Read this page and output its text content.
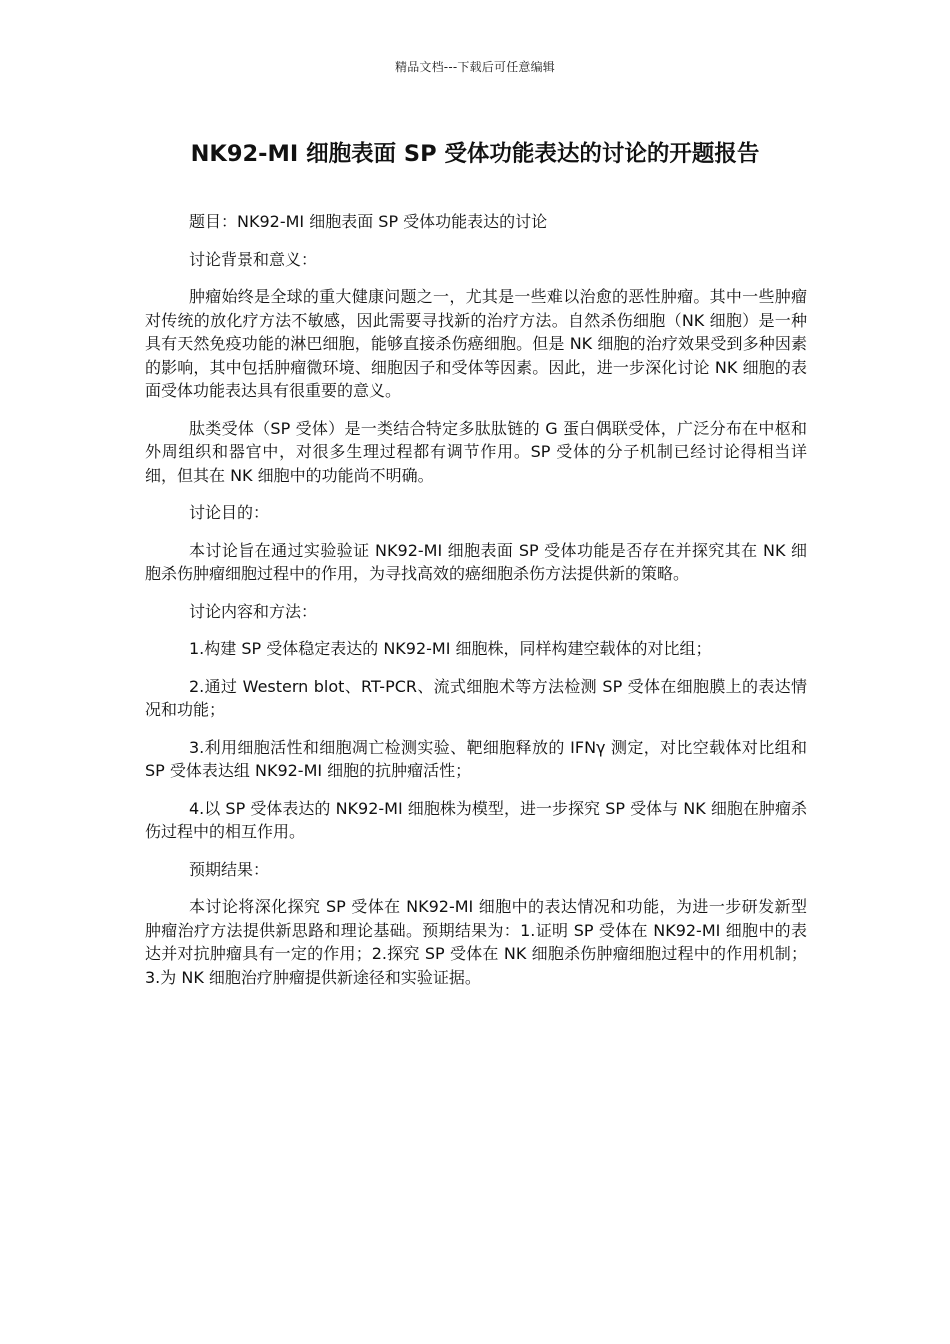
精品文档---下载后可任意编辑
NK92-MI 细胞表面 SP 受体功能表达的讨论的开题报告

题目：NK92-MI 细胞表面 SP 受体功能表达的讨论

讨论背景和意义：

肿瘤始终是全球的重大健康问题之一，尤其是一些难以治愈的恶性肿瘤。其中一些肿瘤对传统的放化疗方法不敏感，因此需要寻找新的治疗方法。自然杀伤细胞（NK 细胞）是一种具有天然免疫功能的淋巴细胞，能够直接杀伤癌细胞。但是 NK 细胞的治疗效果受到多种因素的影响，其中包括肿瘤微环境、细胞因子和受体等因素。因此，进一步深化讨论 NK 细胞的表面受体功能表达具有很重要的意义。

肽类受体（SP 受体）是一类结合特定多肽肽链的 G 蛋白偶联受体，广泛分布在中枢和外周组织和器官中，对很多生理过程都有调节作用。SP 受体的分子机制已经讨论得相当详细，但其在 NK 细胞中的功能尚不明确。

讨论目的：

本讨论旨在通过实验验证 NK92-MI 细胞表面 SP 受体功能是否存在并探究其在 NK 细胞杀伤肿瘤细胞过程中的作用，为寻找高效的癌细胞杀伤方法提供新的策略。

讨论内容和方法：

1.构建 SP 受体稳定表达的 NK92-MI 细胞株，同样构建空载体的对比组；

2.通过 Western blot、RT-PCR、流式细胞术等方法检测 SP 受体在细胞膜上的表达情况和功能；

3.利用细胞活性和细胞凋亡检测实验、靶细胞释放的 IFNγ 测定，对比空载体对比组和 SP 受体表达组 NK92-MI 细胞的抗肿瘤活性；

4.以 SP 受体表达的 NK92-MI 细胞株为模型，进一步探究 SP 受体与 NK 细胞在肿瘤杀伤过程中的相互作用。

预期结果：

本讨论将深化探究 SP 受体在 NK92-MI 细胞中的表达情况和功能，为进一步研发新型肿瘤治疗方法提供新思路和理论基础。预期结果为：1.证明 SP 受体在 NK92-MI 细胞中的表达并对抗肿瘤具有一定的作用；2.探究 SP 受体在 NK 细胞杀伤肿瘤细胞过程中的作用机制；3.为 NK 细胞治疗肿瘤提供新途径和实验证据。
